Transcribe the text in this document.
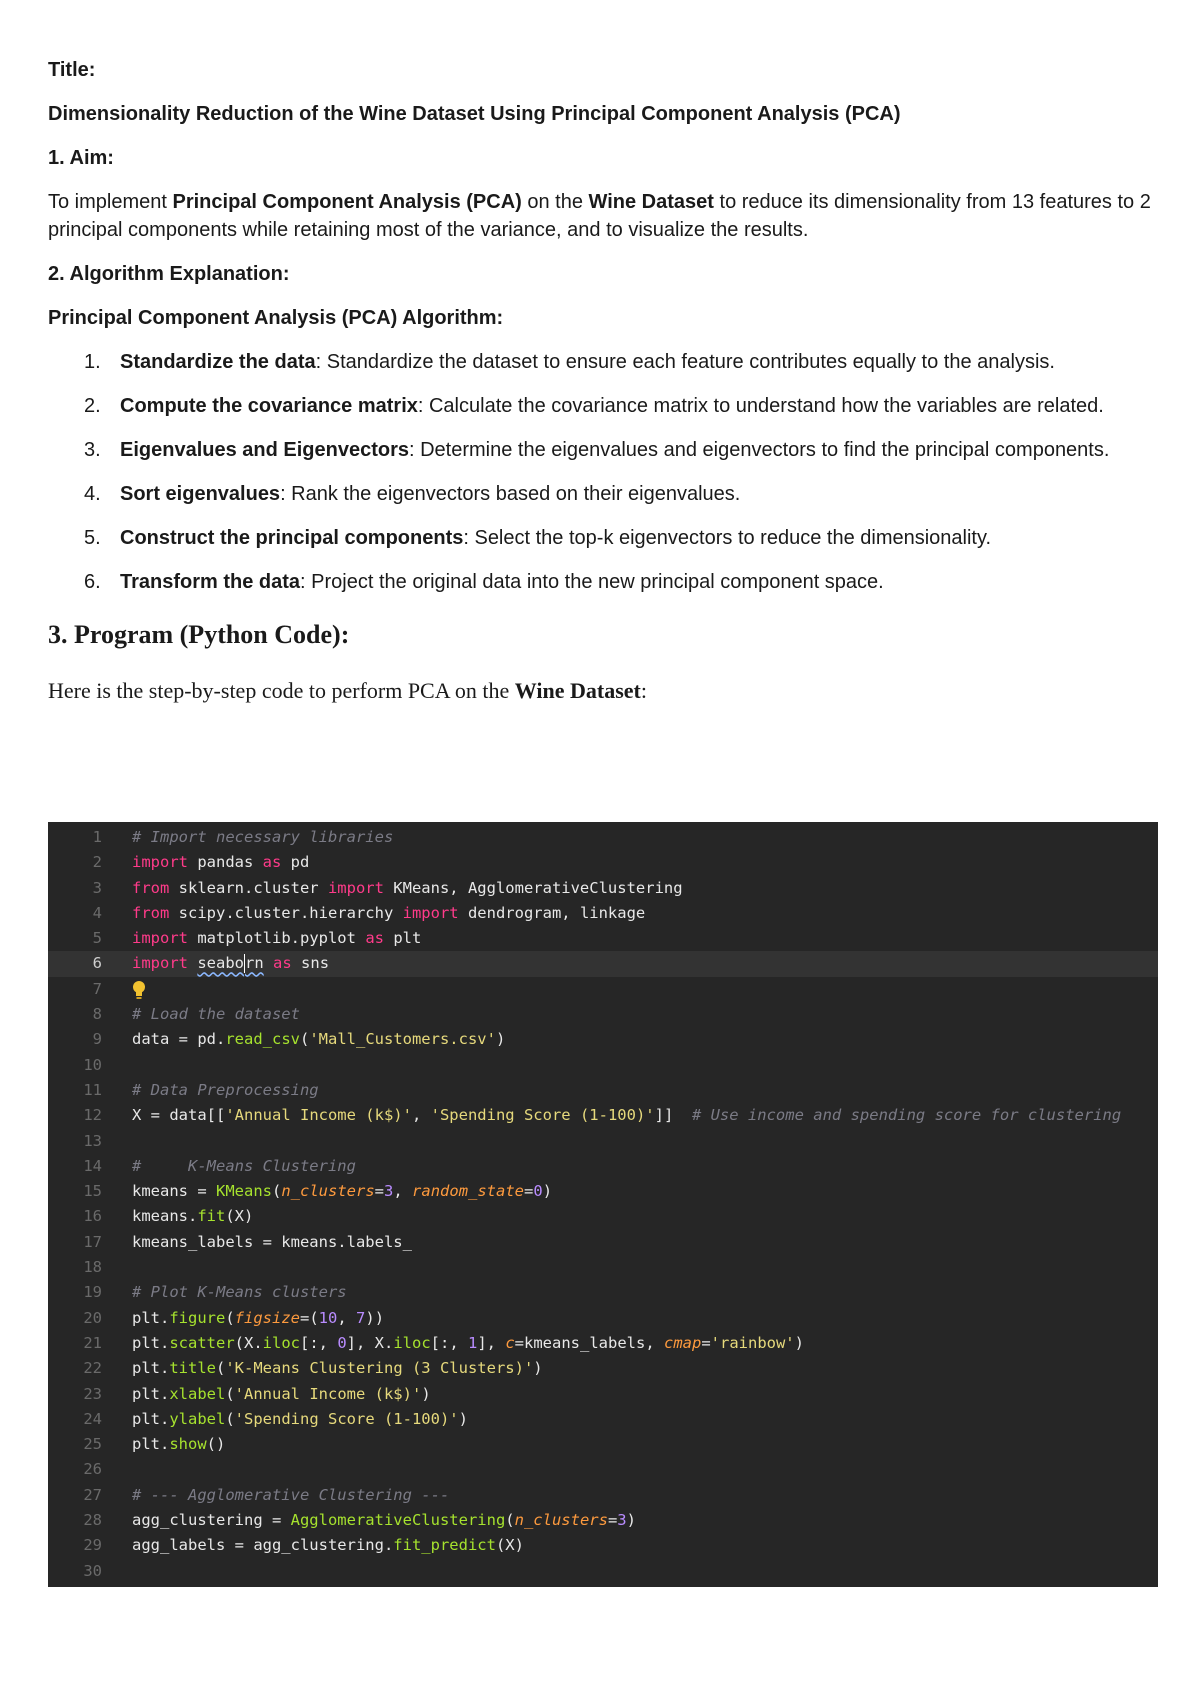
Title:

Dimensionality Reduction of the Wine Dataset Using Principal Component Analysis (PCA)

1. Aim:

To implement Principal Component Analysis (PCA) on the Wine Dataset to reduce its dimensionality from 13 features to 2 principal components while retaining most of the variance, and to visualize the results.

2. Algorithm Explanation:

Principal Component Analysis (PCA) Algorithm:

1. Standardize the data: Standardize the dataset to ensure each feature contributes equally to the analysis.
2. Compute the covariance matrix: Calculate the covariance matrix to understand how the variables are related.
3. Eigenvalues and Eigenvectors: Determine the eigenvalues and eigenvectors to find the principal components.
4. Sort eigenvalues: Rank the eigenvectors based on their eigenvalues.
5. Construct the principal components: Select the top-k eigenvectors to reduce the dimensionality.
6. Transform the data: Project the original data into the new principal component space.

3. Program (Python Code):

Here is the step-by-step code to perform PCA on the Wine Dataset:

1 # Import necessary libraries
2 import pandas as pd
3 from sklearn.cluster import KMeans, AgglomerativeClustering
4 from scipy.cluster.hierarchy import dendrogram, linkage
5 import matplotlib.pyplot as plt
6 import seaborn as sns
7

8 # Load the dataset
9 data = pd.read_csv('Mall_Customers.csv')
10
11 # Data Preprocessing
12 X = data[['Annual Income (k$)', 'Spending Score (1-100)']]  # Use income and spending score for clustering
13
14 #     K-Means Clustering
15 kmeans = KMeans(n_clusters=3, random_state=0)
16 kmeans.fit(X)
17 kmeans_labels = kmeans.labels_
18
19 # Plot K-Means clusters
20 plt.figure(figsize=(10, 7))
21 plt.scatter(X.iloc[:, 0], X.iloc[:, 1], c=kmeans_labels, cmap='rainbow')
22 plt.title('K-Means Clustering (3 Clusters)')
23 plt.xlabel('Annual Income (k$)')
24 plt.ylabel('Spending Score (1-100)')
25 plt.show()
26
27 # --- Agglomerative Clustering ---
28 agg_clustering = AgglomerativeClustering(n_clusters=3)
29 agg_labels = agg_clustering.fit_predict(X)
30
